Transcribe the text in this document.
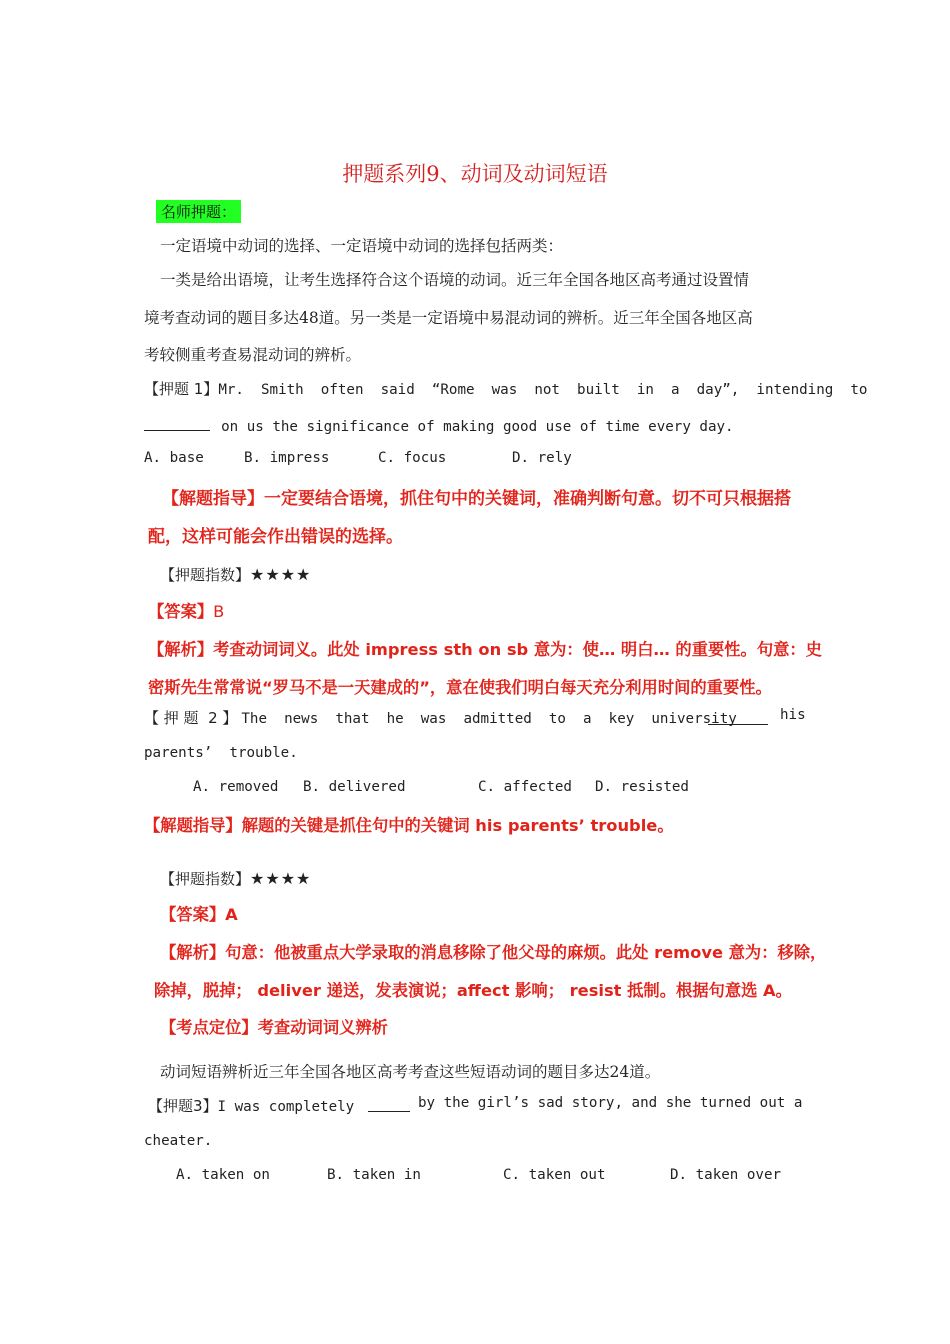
押题系列9、动词及动词短语
名师押题：
一定语境中动词的选择、一定语境中动词的选择包括两类：
一类是给出语境，让考生选择符合这个语境的动词。近三年全国各地区高考通过设置情
境考查动词的题目多达48道。另一类是一定语境中易混动词的辨析。近三年全国各地区高
考较侧重考查易混动词的辨析。
【押题 1】Mr.  Smith  often  said  “Rome  was  not  built  in  a  day”,  intending  to
on us the significance of making good use of time every day.
A. base	B. impress	C. focus	D. rely
【解题指导】一定要结合语境，抓住句中的关键词，准确判断句意。切不可只根据搭
配，这样可能会作出错误的选择。
【押题指数】★★★★
【答案】B
【解析】考查动词词义。此处 impress sth on sb 意为：使… 明白… 的重要性。句意：史
密斯先生常常说“罗马不是一天建成的”，意在使我们明白每天充分利用时间的重要性。
【 押 题  2 】 The  news  that  he  was  admitted  to  a  key  university	his
parents’  trouble.
A. removed B. delivered	C. affected D. resisted
【解题指导】解题的关键是抓住句中的关键词 his parents’ trouble。
【押题指数】★★★★
【答案】A
【解析】句意：他被重点大学录取的消息移除了他父母的麻烦。此处 remove 意为：移除，
除掉，脱掉； deliver 递送，发表演说；affect 影响； resist 抵制。根据句意选 A。
【考点定位】考查动词词义辨析
动词短语辨析近三年全国各地区高考考查这些短语动词的题目多达24道。
【押题3】I was completely	by the girl’s sad story, and she turned out a
cheater.
A. taken on	B. taken in	C. taken out	D. taken over
